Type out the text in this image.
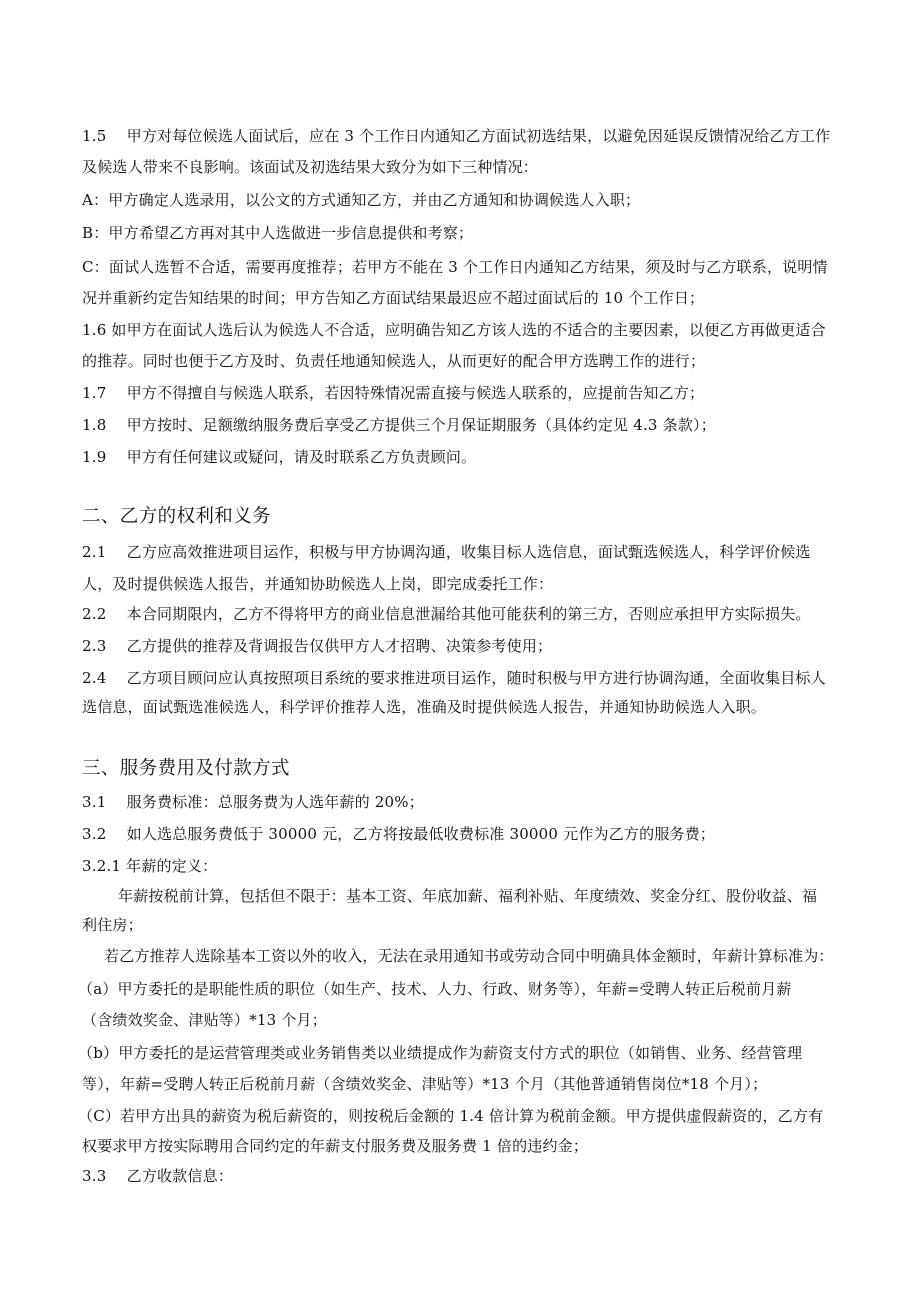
1.5　 甲方对每位候选人面试后，应在 3 个工作日内通知乙方面试初选结果，以避免因延误反馈情况给乙方工作
及候选人带来不良影响。该面试及初选结果大致分为如下三种情况：
A：甲方确定人选录用，以公文的方式通知乙方，并由乙方通知和协调候选人入职；
B：甲方希望乙方再对其中人选做进一步信息提供和考察；
C：面试人选暂不合适，需要再度推荐；若甲方不能在 3 个工作日内通知乙方结果，须及时与乙方联系，说明情
况并重新约定告知结果的时间；甲方告知乙方面试结果最迟应不超过面试后的 10 个工作日；
1.6 如甲方在面试人选后认为候选人不合适，应明确告知乙方该人选的不适合的主要因素，以便乙方再做更适合
的推荐。同时也便于乙方及时、负责任地通知候选人，从而更好的配合甲方选聘工作的进行；
1.7　 甲方不得擅自与候选人联系，若因特殊情况需直接与候选人联系的，应提前告知乙方；
1.8　 甲方按时、足额缴纳服务费后享受乙方提供三个月保证期服务（具体约定见 4.3 条款）；
1.9　 甲方有任何建议或疑问，请及时联系乙方负责顾问。
二、乙方的权利和义务
2.1　 乙方应高效推进项目运作，积极与甲方协调沟通，收集目标人选信息，面试甄选候选人，科学评价候选
人，及时提供候选人报告，并通知协助候选人上岗，即完成委托工作：
2.2　 本合同期限内，乙方不得将甲方的商业信息泄漏给其他可能获利的第三方，否则应承担甲方实际损失。
2.3　 乙方提供的推荐及背调报告仅供甲方人才招聘、决策参考使用；
2.4　 乙方项目顾问应认真按照项目系统的要求推进项目运作，随时积极与甲方进行协调沟通，全面收集目标人
选信息，面试甄选准候选人，科学评价推荐人选，准确及时提供候选人报告，并通知协助候选人入职。
三、服务费用及付款方式
3.1　 服务费标准：总服务费为人选年薪的 20%；
3.2　 如人选总服务费低于 30000 元，乙方将按最低收费标准 30000 元作为乙方的服务费；
3.2.1 年薪的定义：
年薪按税前计算，包括但不限于：基本工资、年底加薪、福利补贴、年度绩效、奖金分红、股份收益、福
利住房；
若乙方推荐人选除基本工资以外的收入，无法在录用通知书或劳动合同中明确具体金额时，年薪计算标准为：
（a）甲方委托的是职能性质的职位（如生产、技术、人力、行政、财务等），年薪=受聘人转正后税前月薪
（含绩效奖金、津贴等）*13 个月；
（b）甲方委托的是运营管理类或业务销售类以业绩提成作为薪资支付方式的职位（如销售、业务、经营管理
等），年薪=受聘人转正后税前月薪（含绩效奖金、津贴等）*13 个月（其他普通销售岗位*18 个月）；
（C）若甲方出具的薪资为税后薪资的，则按税后金额的 1.4 倍计算为税前金额。甲方提供虚假薪资的，乙方有
权要求甲方按实际聘用合同约定的年薪支付服务费及服务费 1 倍的违约金；
3.3　 乙方收款信息：
